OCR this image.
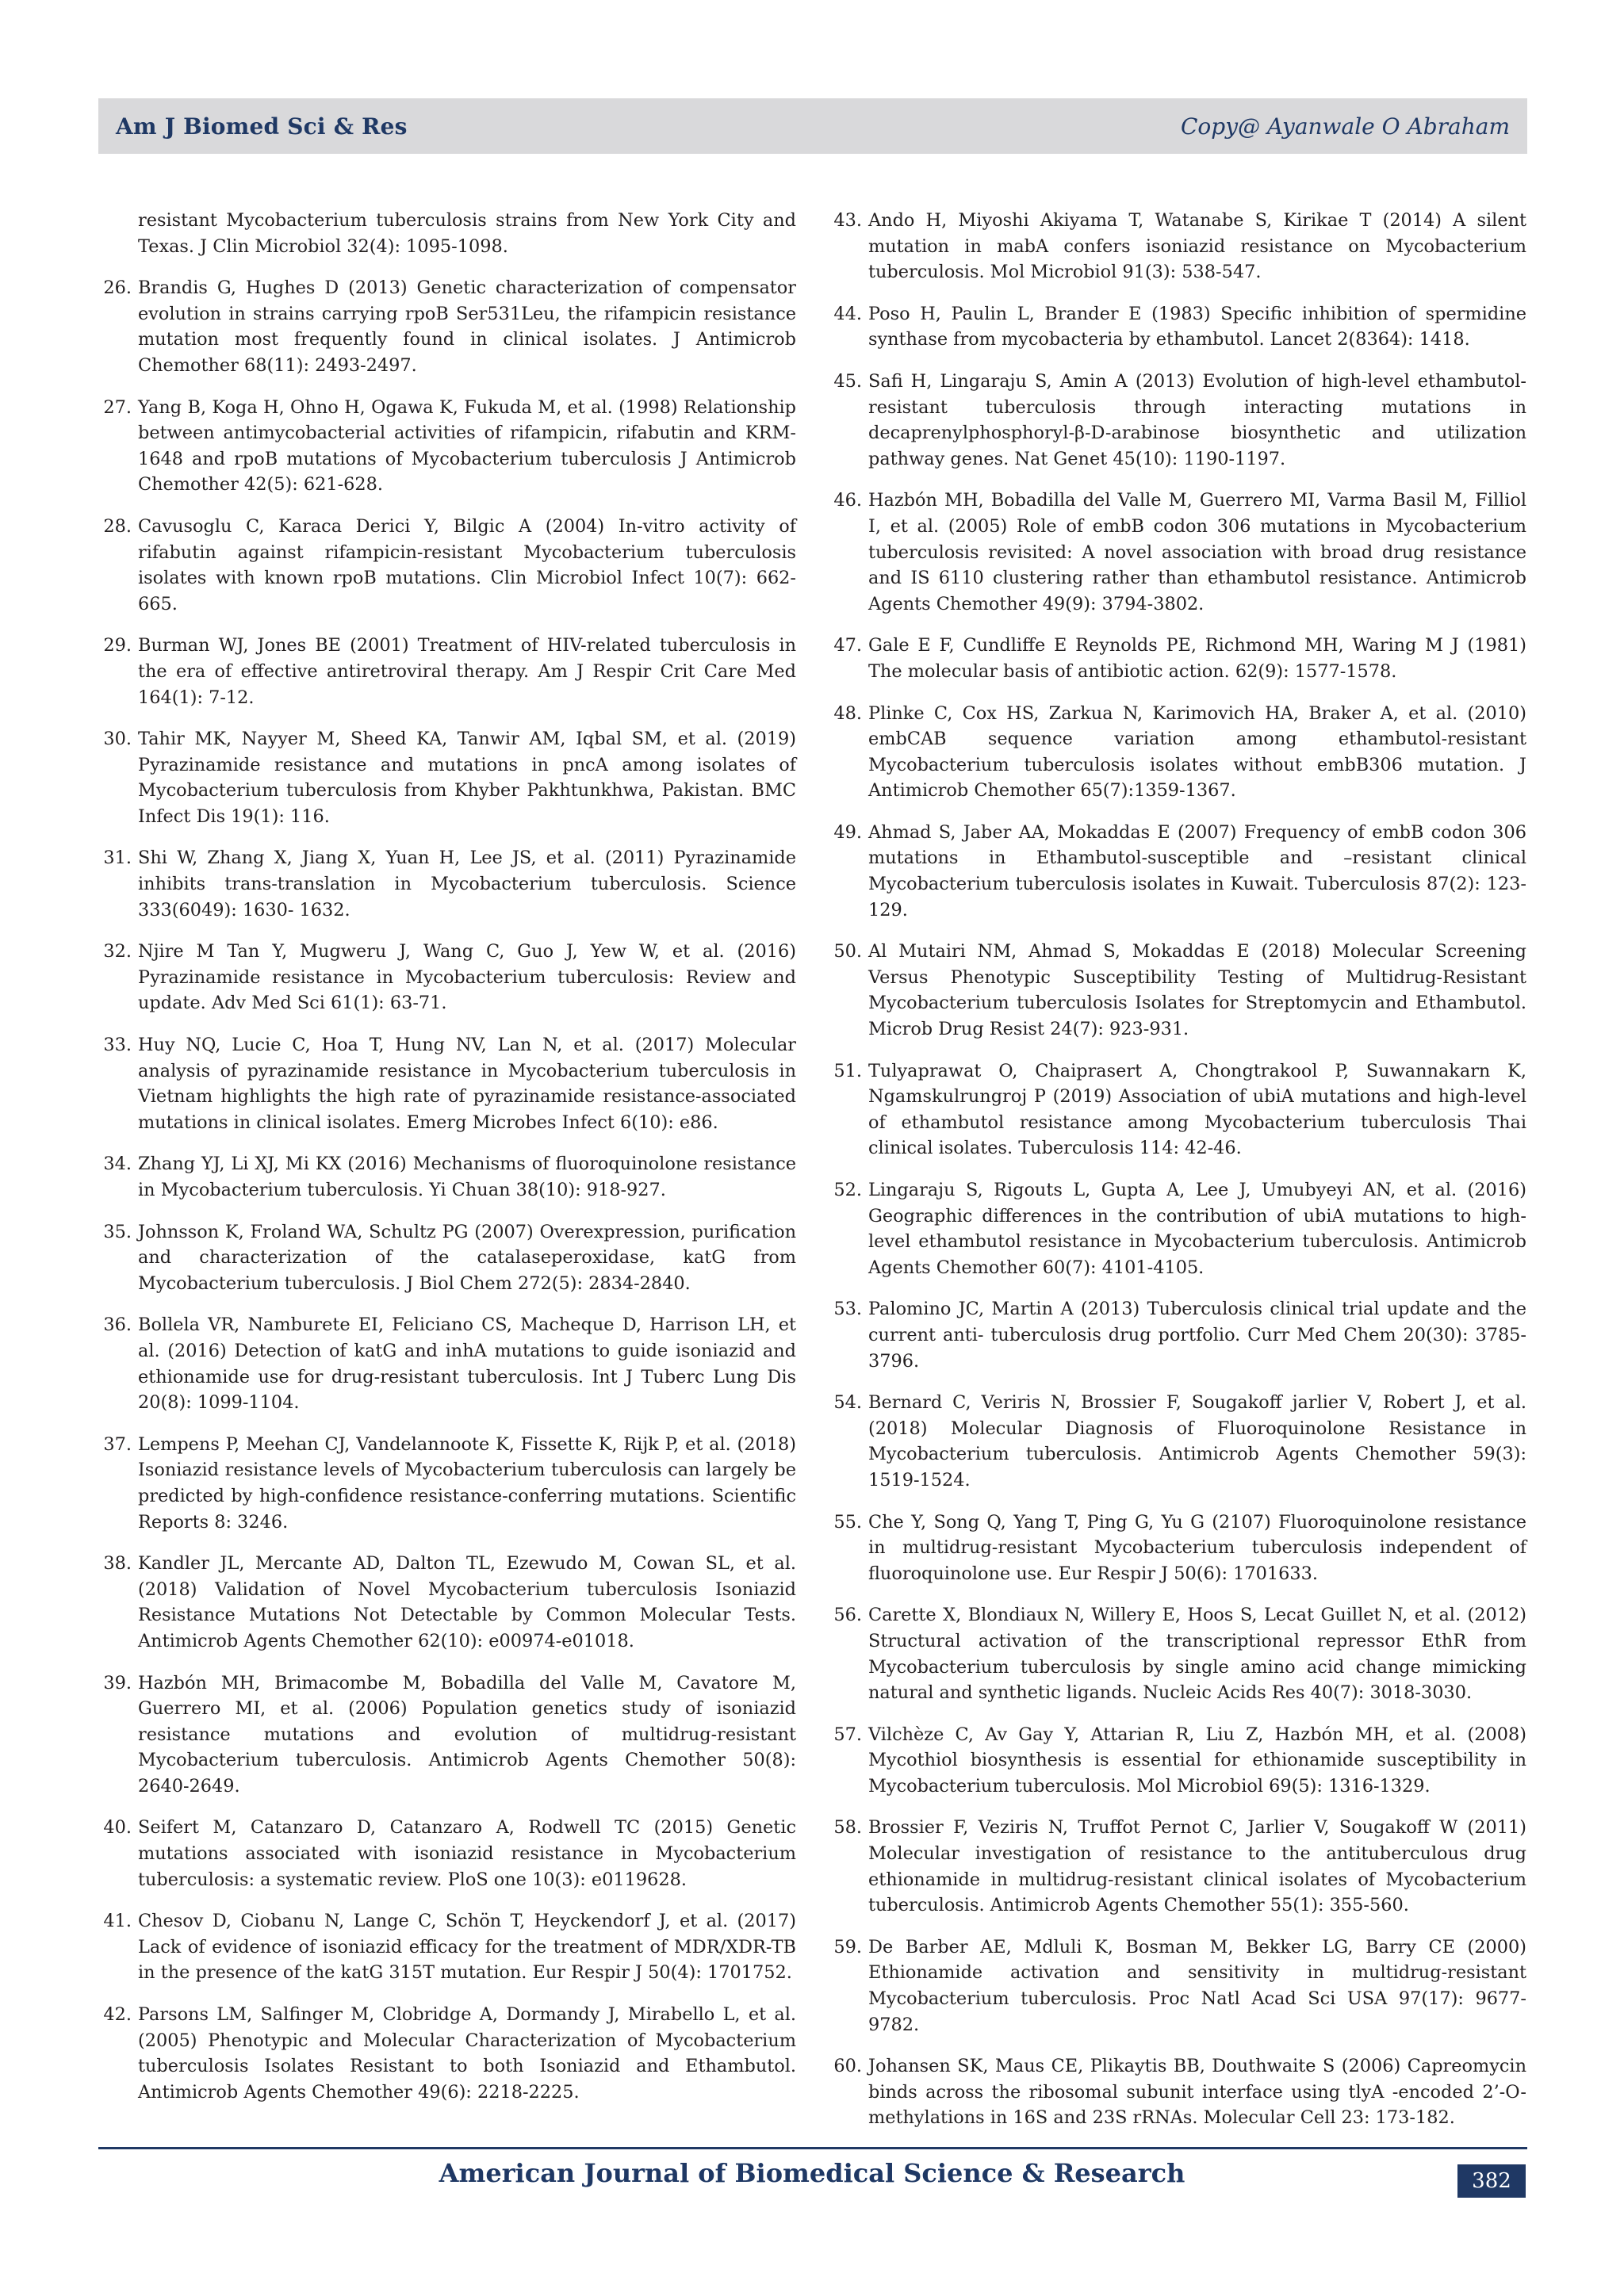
Am J Biomed Sci & Res	Copy@ Ayanwale O Abraham
resistant Mycobacterium tuberculosis strains from New York City and Texas. J Clin Microbiol 32(4): 1095-1098.
26. Brandis G, Hughes D (2013) Genetic characterization of compensator evolution in strains carrying rpoB Ser531Leu, the rifampicin resistance mutation most frequently found in clinical isolates. J Antimicrob Chemother 68(11): 2493-2497.
27. Yang B, Koga H, Ohno H, Ogawa K, Fukuda M, et al. (1998) Relationship between antimycobacterial activities of rifampicin, rifabutin and KRM-1648 and rpoB mutations of Mycobacterium tuberculosis J Antimicrob Chemother 42(5): 621-628.
28. Cavusoglu C, Karaca Derici Y, Bilgic A (2004) In-vitro activity of rifabutin against rifampicin-resistant Mycobacterium tuberculosis isolates with known rpoB mutations. Clin Microbiol Infect 10(7): 662-665.
29. Burman WJ, Jones BE (2001) Treatment of HIV-related tuberculosis in the era of effective antiretroviral therapy. Am J Respir Crit Care Med 164(1): 7-12.
30. Tahir MK, Nayyer M, Sheed KA, Tanwir AM, Iqbal SM, et al. (2019) Pyrazinamide resistance and mutations in pncA among isolates of Mycobacterium tuberculosis from Khyber Pakhtunkhwa, Pakistan. BMC Infect Dis 19(1): 116.
31. Shi W, Zhang X, Jiang X, Yuan H, Lee JS, et al. (2011) Pyrazinamide inhibits trans-translation in Mycobacterium tuberculosis. Science 333(6049): 1630- 1632.
32. Njire M Tan Y, Mugweru J, Wang C, Guo J, Yew W, et al. (2016) Pyrazinamide resistance in Mycobacterium tuberculosis: Review and update. Adv Med Sci 61(1): 63-71.
33. Huy NQ, Lucie C, Hoa T, Hung NV, Lan N, et al. (2017) Molecular analysis of pyrazinamide resistance in Mycobacterium tuberculosis in Vietnam highlights the high rate of pyrazinamide resistance-associated mutations in clinical isolates. Emerg Microbes Infect 6(10): e86.
34. Zhang YJ, Li XJ, Mi KX (2016) Mechanisms of fluoroquinolone resistance in Mycobacterium tuberculosis. Yi Chuan 38(10): 918-927.
35. Johnsson K, Froland WA, Schultz PG (2007) Overexpression, purification and characterization of the catalaseperoxidase, katG from Mycobacterium tuberculosis. J Biol Chem 272(5): 2834-2840.
36. Bollela VR, Namburete EI, Feliciano CS, Macheque D, Harrison LH, et al. (2016) Detection of katG and inhA mutations to guide isoniazid and ethionamide use for drug-resistant tuberculosis. Int J Tuberc Lung Dis 20(8): 1099-1104.
37. Lempens P, Meehan CJ, Vandelannoote K, Fissette K, Rijk P, et al. (2018) Isoniazid resistance levels of Mycobacterium tuberculosis can largely be predicted by high-confidence resistance-conferring mutations. Scientific Reports 8: 3246.
38. Kandler JL, Mercante AD, Dalton TL, Ezewudo M, Cowan SL, et al. (2018) Validation of Novel Mycobacterium tuberculosis Isoniazid Resistance Mutations Not Detectable by Common Molecular Tests. Antimicrob Agents Chemother 62(10): e00974-e01018.
39. Hazbón MH, Brimacombe M, Bobadilla del Valle M, Cavatore M, Guerrero MI, et al. (2006) Population genetics study of isoniazid resistance mutations and evolution of multidrug-resistant Mycobacterium tuberculosis. Antimicrob Agents Chemother 50(8): 2640-2649.
40. Seifert M, Catanzaro D, Catanzaro A, Rodwell TC (2015) Genetic mutations associated with isoniazid resistance in Mycobacterium tuberculosis: a systematic review. PloS one 10(3): e0119628.
41. Chesov D, Ciobanu N, Lange C, Schön T, Heyckendorf J, et al. (2017) Lack of evidence of isoniazid efficacy for the treatment of MDR/XDR-TB in the presence of the katG 315T mutation. Eur Respir J 50(4): 1701752.
42. Parsons LM, Salfinger M, Clobridge A, Dormandy J, Mirabello L, et al. (2005) Phenotypic and Molecular Characterization of Mycobacterium tuberculosis Isolates Resistant to both Isoniazid and Ethambutol. Antimicrob Agents Chemother 49(6): 2218-2225.
43. Ando H, Miyoshi Akiyama T, Watanabe S, Kirikae T (2014) A silent mutation in mabA confers isoniazid resistance on Mycobacterium tuberculosis. Mol Microbiol 91(3): 538-547.
44. Poso H, Paulin L, Brander E (1983) Specific inhibition of spermidine synthase from mycobacteria by ethambutol. Lancet 2(8364): 1418.
45. Safi H, Lingaraju S, Amin A (2013) Evolution of high-level ethambutol-resistant tuberculosis through interacting mutations in decaprenylphosphoryl-β-D-arabinose biosynthetic and utilization pathway genes. Nat Genet 45(10): 1190-1197.
46. Hazbón MH, Bobadilla del Valle M, Guerrero MI, Varma Basil M, Filliol I, et al. (2005) Role of embB codon 306 mutations in Mycobacterium tuberculosis revisited: A novel association with broad drug resistance and IS 6110 clustering rather than ethambutol resistance. Antimicrob Agents Chemother 49(9): 3794-3802.
47. Gale E F, Cundliffe E Reynolds PE, Richmond MH, Waring M J (1981) The molecular basis of antibiotic action. 62(9): 1577-1578.
48. Plinke C, Cox HS, Zarkua N, Karimovich HA, Braker A, et al. (2010) embCAB sequence variation among ethambutol-resistant Mycobacterium tuberculosis isolates without embB306 mutation. J Antimicrob Chemother 65(7):1359-1367.
49. Ahmad S, Jaber AA, Mokaddas E (2007) Frequency of embB codon 306 mutations in Ethambutol-susceptible and –resistant clinical Mycobacterium tuberculosis isolates in Kuwait. Tuberculosis 87(2): 123-129.
50. Al Mutairi NM, Ahmad S, Mokaddas E (2018) Molecular Screening Versus Phenotypic Susceptibility Testing of Multidrug-Resistant Mycobacterium tuberculosis Isolates for Streptomycin and Ethambutol. Microb Drug Resist 24(7): 923-931.
51. Tulyaprawat O, Chaiprasert A, Chongtrakool P, Suwannakarn K, Ngamskulrungroj P (2019) Association of ubiA mutations and high-level of ethambutol resistance among Mycobacterium tuberculosis Thai clinical isolates. Tuberculosis 114: 42-46.
52. Lingaraju S, Rigouts L, Gupta A, Lee J, Umubyeyi AN, et al. (2016) Geographic differences in the contribution of ubiA mutations to high-level ethambutol resistance in Mycobacterium tuberculosis. Antimicrob Agents Chemother 60(7): 4101-4105.
53. Palomino JC, Martin A (2013) Tuberculosis clinical trial update and the current anti- tuberculosis drug portfolio. Curr Med Chem 20(30): 3785-3796.
54. Bernard C, Veriris N, Brossier F, Sougakoff jarlier V, Robert J, et al. (2018) Molecular Diagnosis of Fluoroquinolone Resistance in Mycobacterium tuberculosis. Antimicrob Agents Chemother 59(3): 1519-1524.
55. Che Y, Song Q, Yang T, Ping G, Yu G (2107) Fluoroquinolone resistance in multidrug-resistant Mycobacterium tuberculosis independent of fluoroquinolone use. Eur Respir J 50(6): 1701633.
56. Carette X, Blondiaux N, Willery E, Hoos S, Lecat Guillet N, et al. (2012) Structural activation of the transcriptional repressor EthR from Mycobacterium tuberculosis by single amino acid change mimicking natural and synthetic ligands. Nucleic Acids Res 40(7): 3018-3030.
57. Vilchèze C, Av Gay Y, Attarian R, Liu Z, Hazbón MH, et al. (2008) Mycothiol biosynthesis is essential for ethionamide susceptibility in Mycobacterium tuberculosis. Mol Microbiol 69(5): 1316-1329.
58. Brossier F, Veziris N, Truffot Pernot C, Jarlier V, Sougakoff W (2011) Molecular investigation of resistance to the antituberculous drug ethionamide in multidrug-resistant clinical isolates of Mycobacterium tuberculosis. Antimicrob Agents Chemother 55(1): 355-560.
59. De Barber AE, Mdluli K, Bosman M, Bekker LG, Barry CE (2000) Ethionamide activation and sensitivity in multidrug-resistant Mycobacterium tuberculosis. Proc Natl Acad Sci USA 97(17): 9677-9782.
60. Johansen SK, Maus CE, Plikaytis BB, Douthwaite S (2006) Capreomycin binds across the ribosomal subunit interface using tlyA -encoded 2’-O-methylations in 16S and 23S rRNAs. Molecular Cell 23: 173-182.
American Journal of Biomedical Science & Research	382
